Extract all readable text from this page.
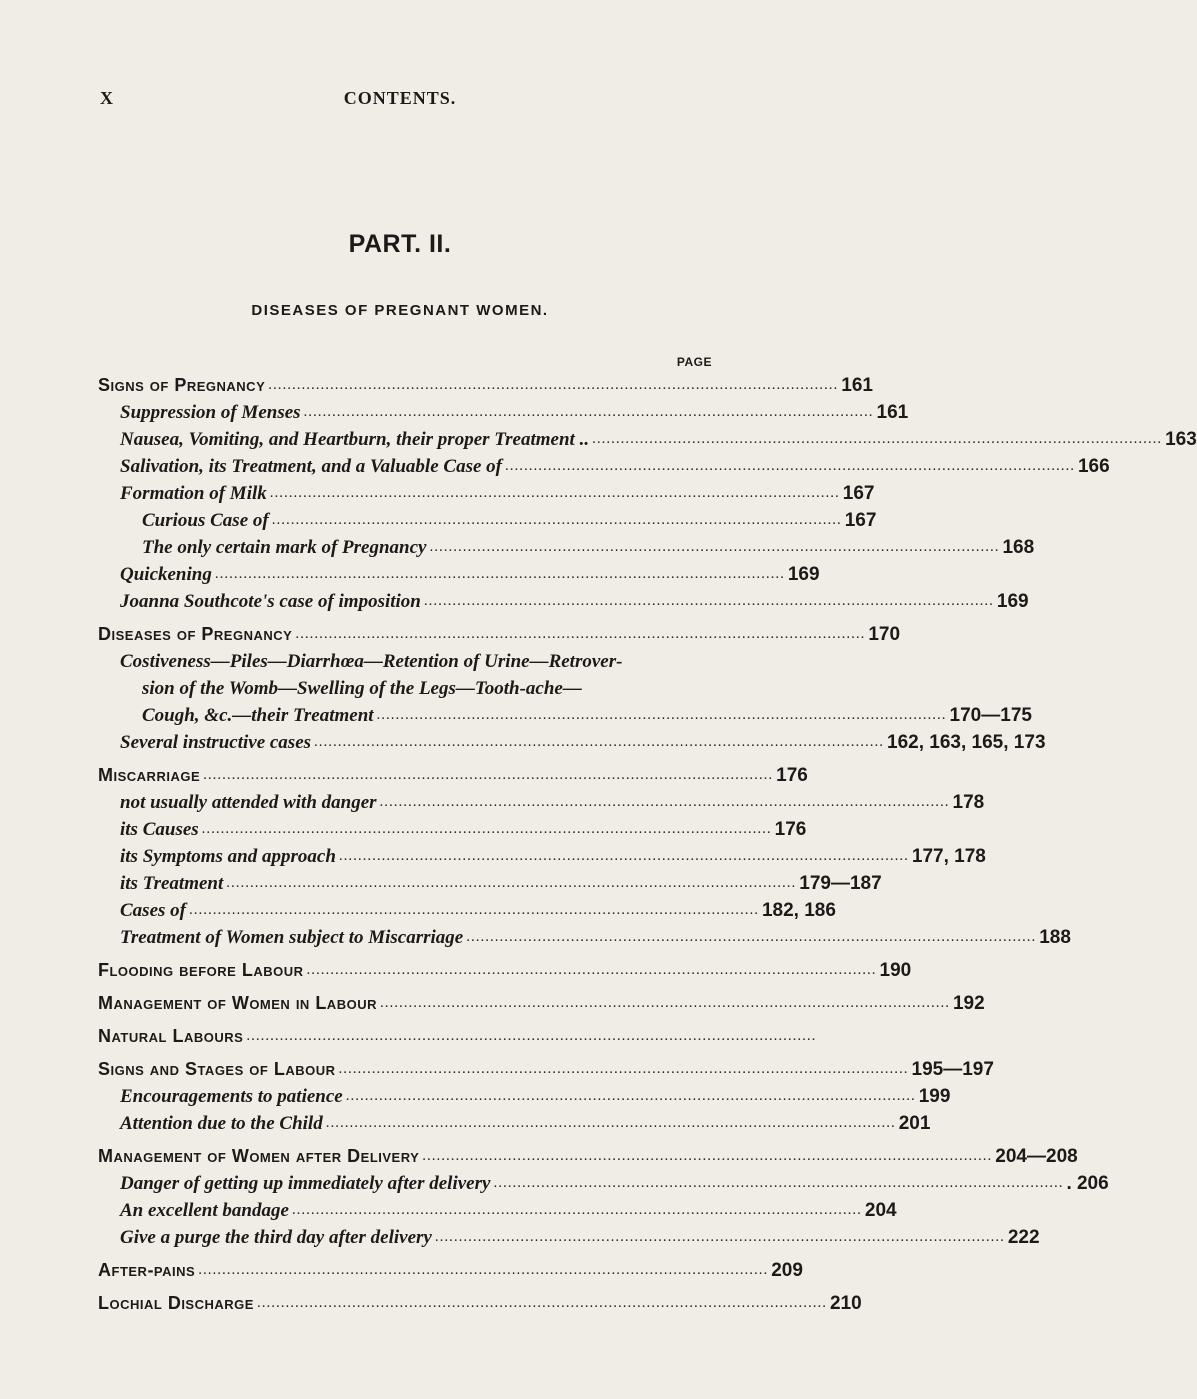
X	CONTENTS.
PART. II.
DISEASES OF PREGNANT WOMEN.
PAGE
Signs of Pregnancy ........................................................................................................................ 161
Suppression of Menses ........................................................................................................................ 161
Nausea, Vomiting, and Heartburn, their proper Treatment .. ........................................................................................................................ 163
Salivation, its Treatment, and a Valuable Case of ........................................................................................................................ 166
Formation of Milk ........................................................................................................................ 167
Curious Case of ........................................................................................................................ 167
The only certain mark of Pregnancy ........................................................................................................................ 168
Quickening ........................................................................................................................ 169
Joanna Southcote's case of imposition ........................................................................................................................ 169
Diseases of Pregnancy ........................................................................................................................ 170
Costiveness—Piles—Diarrhœa—Retention of Urine—Retrover-
sion of the Womb—Swelling of the Legs—Tooth-ache—
Cough, &c.—their Treatment ........................................................................................................................ 170—175
Several instructive cases ........................................................................................................................ 162, 163, 165, 173
Miscarriage ........................................................................................................................ 176
not usually attended with danger ........................................................................................................................ 178
its Causes ........................................................................................................................ 176
its Symptoms and approach ........................................................................................................................ 177, 178
its Treatment ........................................................................................................................ 179—187
Cases of ........................................................................................................................ 182, 186
Treatment of Women subject to Miscarriage ........................................................................................................................ 188
Flooding before Labour ........................................................................................................................ 190
Management of Women in Labour ........................................................................................................................ 192
Natural Labours ........................................................................................................................
Signs and Stages of Labour ........................................................................................................................ 195—197
Encouragements to patience ........................................................................................................................ 199
Attention due to the Child ........................................................................................................................ 201
Management of Women after Delivery ........................................................................................................................ 204—208
Danger of getting up immediately after delivery ........................................................................................................................ . 206
An excellent bandage ........................................................................................................................ 204
Give a purge the third day after delivery ........................................................................................................................ 222
After-pains ........................................................................................................................ 209
Lochial Discharge ........................................................................................................................ 210
